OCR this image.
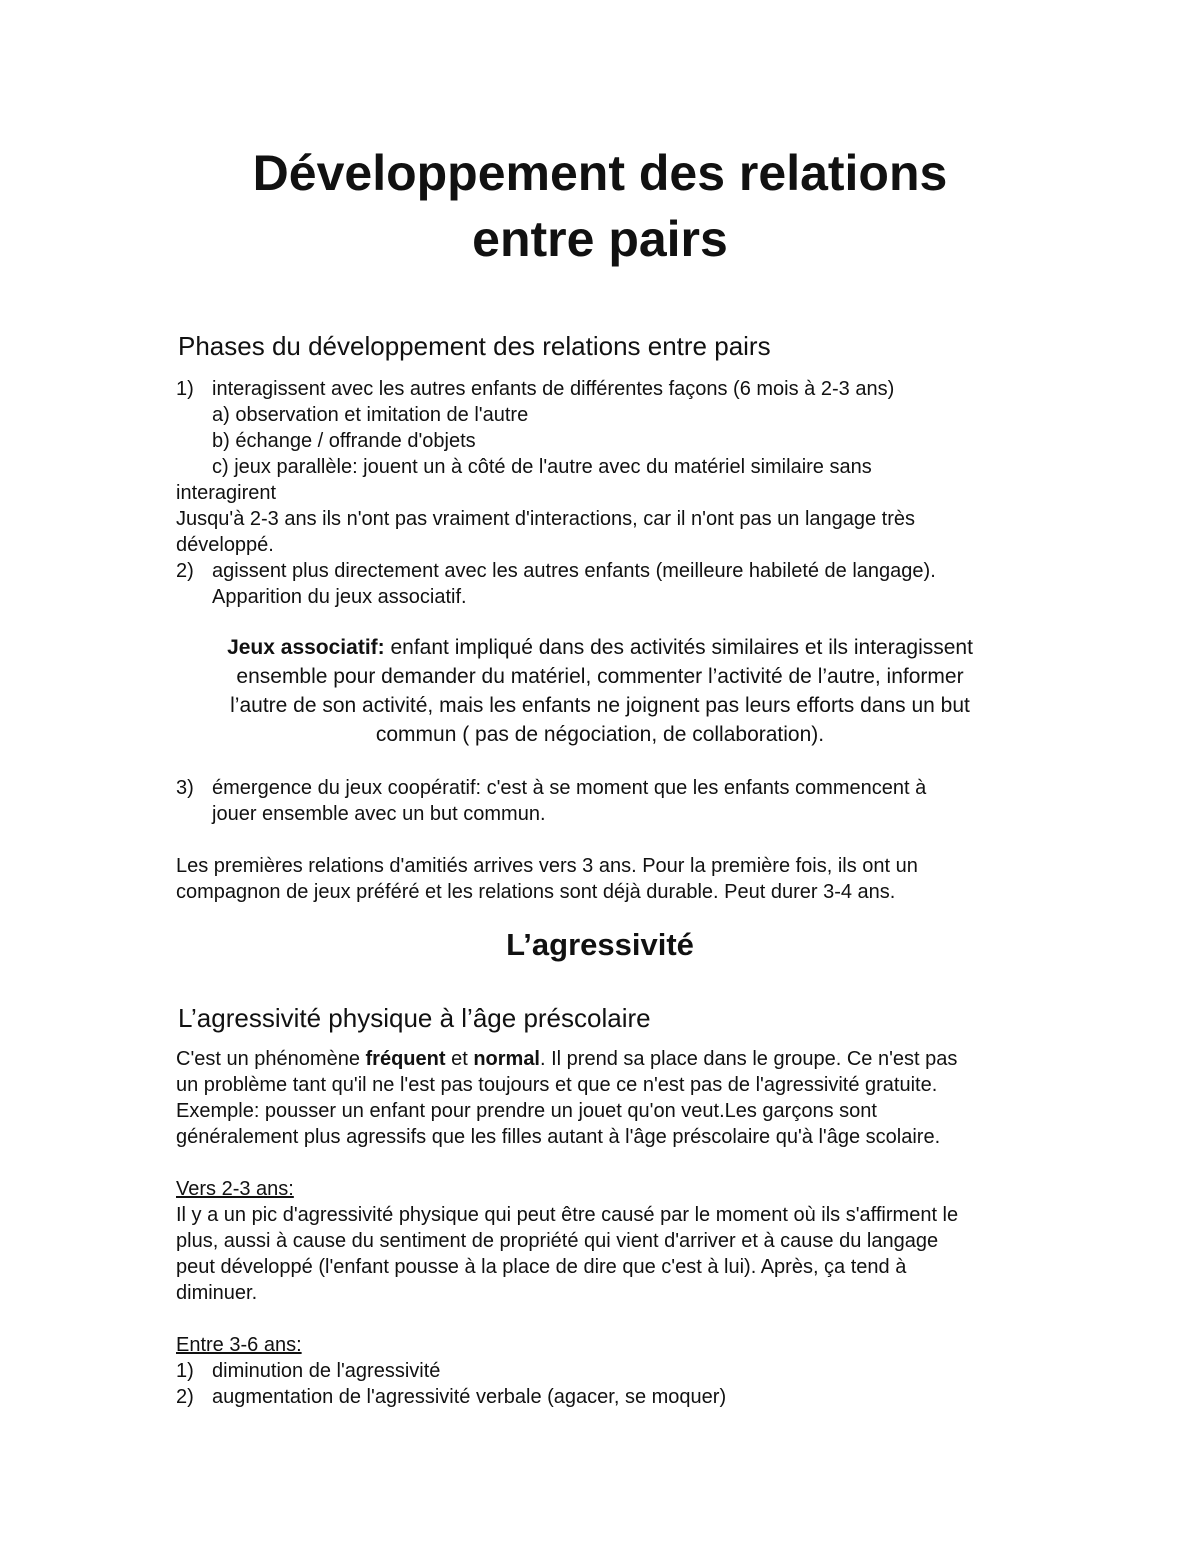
Développement des relations
entre pairs
Phases du développement des relations entre pairs
1) interagissent avec les autres enfants de différentes façons (6 mois à 2-3 ans)

a) observation et imitation de l'autre

b) échange / offrande d'objets

c) jeux parallèle: jouent un à côté de l'autre avec du matériel similaire sans

interagirent

Jusqu'à 2-3 ans ils n'ont pas vraiment d'interactions, car il n'ont pas un langage très

développé.

2) agissent plus directement avec les autres enfants (meilleure habileté de langage).

Apparition du jeux associatif.

Jeux associatif: enfant impliqué dans des activités similaires et ils interagissent
ensemble pour demander du matériel, commenter l’activité de l’autre, informer
l’autre de son activité, mais les enfants ne joignent pas leurs efforts dans un but
commun ( pas de négociation, de collaboration).
3) émergence du jeux coopératif: c'est à se moment que les enfants commencent à

jouer ensemble avec un but commun.

Les premières relations d'amitiés arrives vers 3 ans. Pour la première fois, ils ont un

compagnon de jeux préféré et les relations sont déjà durable. Peut durer 3-4 ans.

L’agressivité
L’agressivité physique à l’âge préscolaire

C'est un phénomène fréquent et normal. Il prend sa place dans le groupe. Ce n'est pas

un problème tant qu'il ne l'est pas toujours et que ce n'est pas de l'agressivité gratuite.

Exemple: pousser un enfant pour prendre un jouet qu'on veut.Les garçons sont

généralement plus agressifs que les filles autant à l'âge préscolaire qu'à l'âge scolaire.

Vers 2-3 ans:

Il y a un pic d'agressivité physique qui peut être causé par le moment où ils s'affirment le

plus, aussi à cause du sentiment de propriété qui vient d'arriver et à cause du langage

peut développé (l'enfant pousse à la place de dire que c'est à lui). Après, ça tend à

diminuer.

Entre 3-6 ans:

1) diminution de l'agressivité

2) augmentation de l'agressivité verbale (agacer, se moquer)
